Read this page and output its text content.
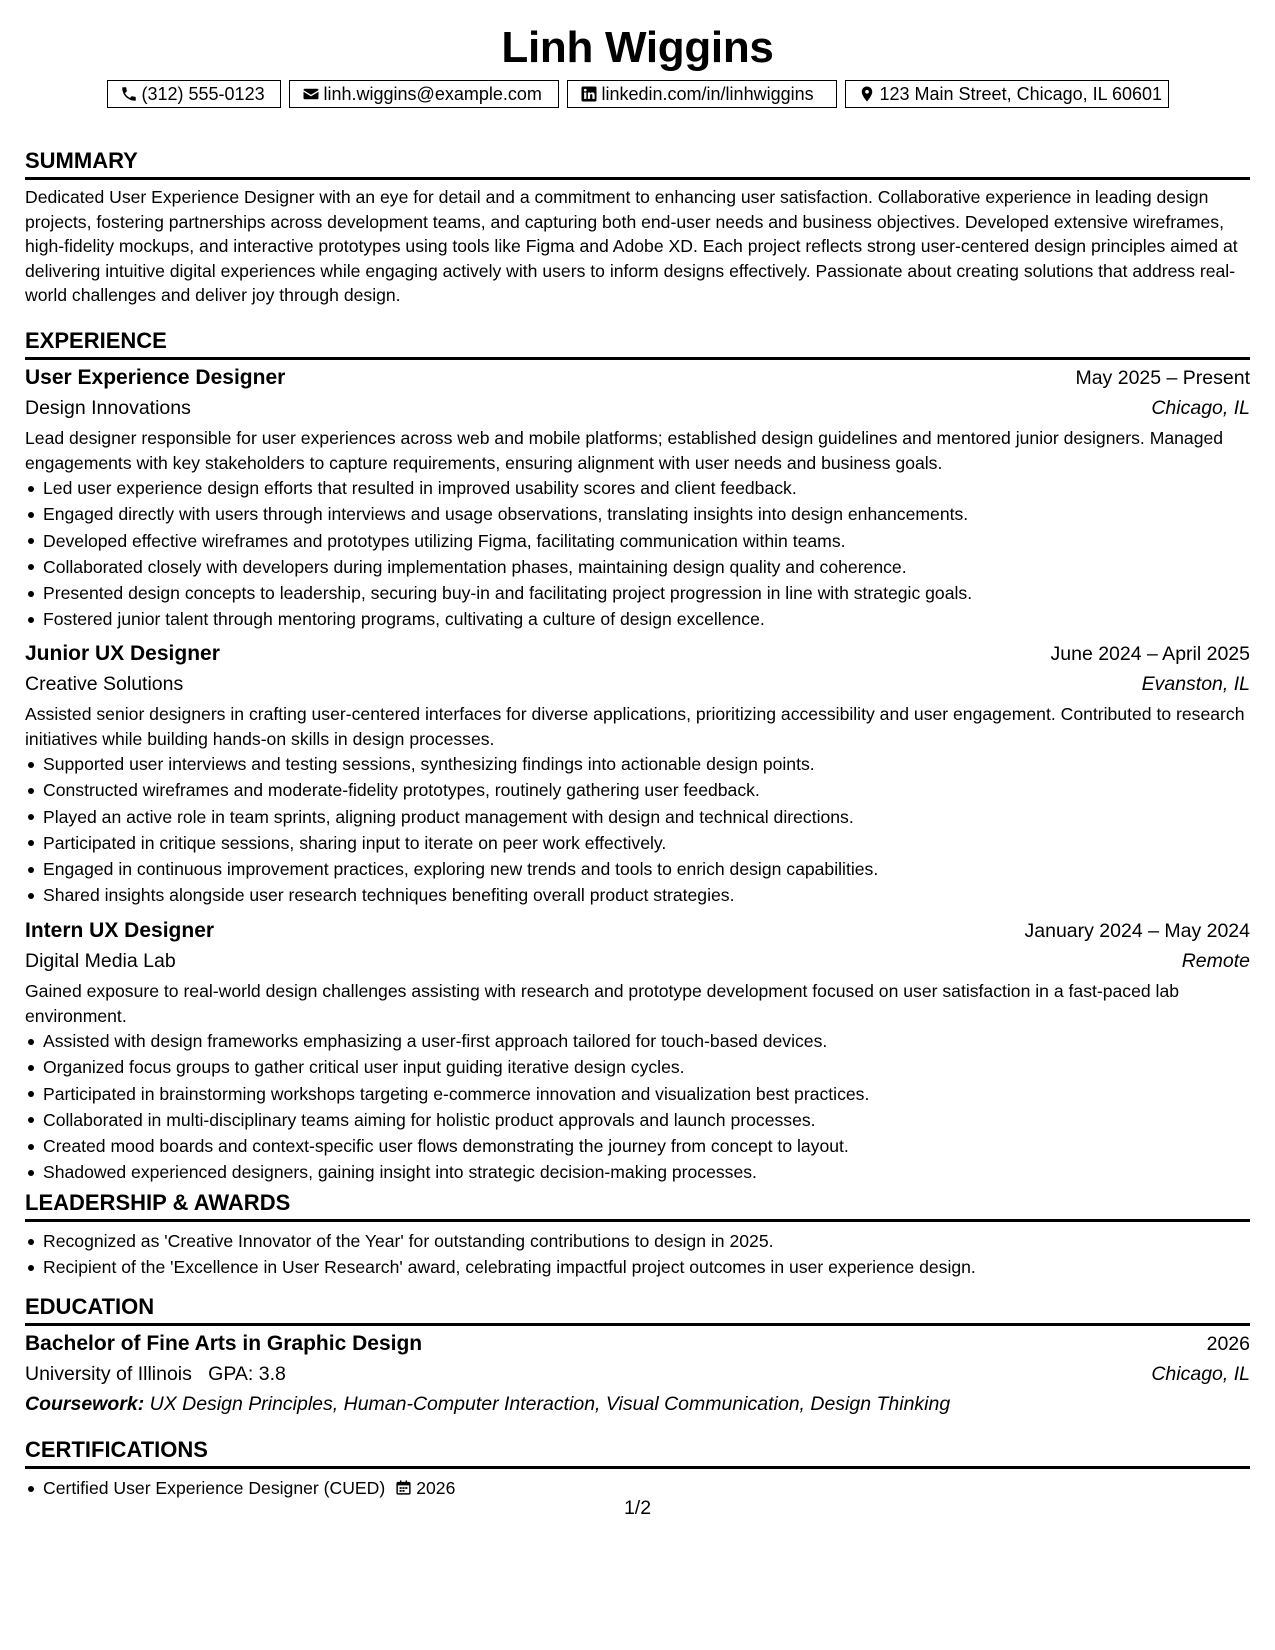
Linh Wiggins
(312) 555-0123	linh.wiggins@example.com	linkedin.com/in/linhwiggins	123 Main Street, Chicago, IL 60601
SUMMARY

Dedicated User Experience Designer with an eye for detail and a commitment to enhancing user satisfaction. Collaborative experience in leading design projects, fostering partnerships across development teams, and capturing both end-user needs and business objectives. Developed extensive wireframes, high-fidelity mockups, and interactive prototypes using tools like Figma and Adobe XD. Each project reflects strong user-centered design principles aimed at delivering intuitive digital experiences while engaging actively with users to inform designs effectively. Passionate about creating solutions that address real-world challenges and deliver joy through design.

EXPERIENCE
User Experience Designer	May 2025 – Present
Design Innovations	Chicago, IL

Lead designer responsible for user experiences across web and mobile platforms; established design guidelines and mentored junior designers. Managed engagements with key stakeholders to capture requirements, ensuring alignment with user needs and business goals.

Led user experience design efforts that resulted in improved usability scores and client feedback.
Engaged directly with users through interviews and usage observations, translating insights into design enhancements.
Developed effective wireframes and prototypes utilizing Figma, facilitating communication within teams.
Collaborated closely with developers during implementation phases, maintaining design quality and coherence.
Presented design concepts to leadership, securing buy-in and facilitating project progression in line with strategic goals.
Fostered junior talent through mentoring programs, cultivating a culture of design excellence.
Junior UX Designer	June 2024 – April 2025
Creative Solutions	Evanston, IL

Assisted senior designers in crafting user-centered interfaces for diverse applications, prioritizing accessibility and user engagement. Contributed to research initiatives while building hands-on skills in design processes.

Supported user interviews and testing sessions, synthesizing findings into actionable design points.
Constructed wireframes and moderate-fidelity prototypes, routinely gathering user feedback.
Played an active role in team sprints, aligning product management with design and technical directions.
Participated in critique sessions, sharing input to iterate on peer work effectively.
Engaged in continuous improvement practices, exploring new trends and tools to enrich design capabilities.
Shared insights alongside user research techniques benefiting overall product strategies.
Intern UX Designer	January 2024 – May 2024
Digital Media Lab	Remote

Gained exposure to real-world design challenges assisting with research and prototype development focused on user satisfaction in a fast-paced lab environment.

Assisted with design frameworks emphasizing a user-first approach tailored for touch-based devices.
Organized focus groups to gather critical user input guiding iterative design cycles.
Participated in brainstorming workshops targeting e-commerce innovation and visualization best practices.
Collaborated in multi-disciplinary teams aiming for holistic product approvals and launch processes.
Created mood boards and context-specific user flows demonstrating the journey from concept to layout.
Shadowed experienced designers, gaining insight into strategic decision-making processes.
LEADERSHIP & AWARDS
Recognized as 'Creative Innovator of the Year' for outstanding contributions to design in 2025.
Recipient of the 'Excellence in User Research' award, celebrating impactful project outcomes in user experience design.
EDUCATION
Bachelor of Fine Arts in Graphic Design	2026
University of Illinois GPA: 3.8	Chicago, IL
Coursework: UX Design Principles, Human-Computer Interaction, Visual Communication, Design Thinking
CERTIFICATIONS
Certified User Experience Designer (CUED) 2026
1/2
